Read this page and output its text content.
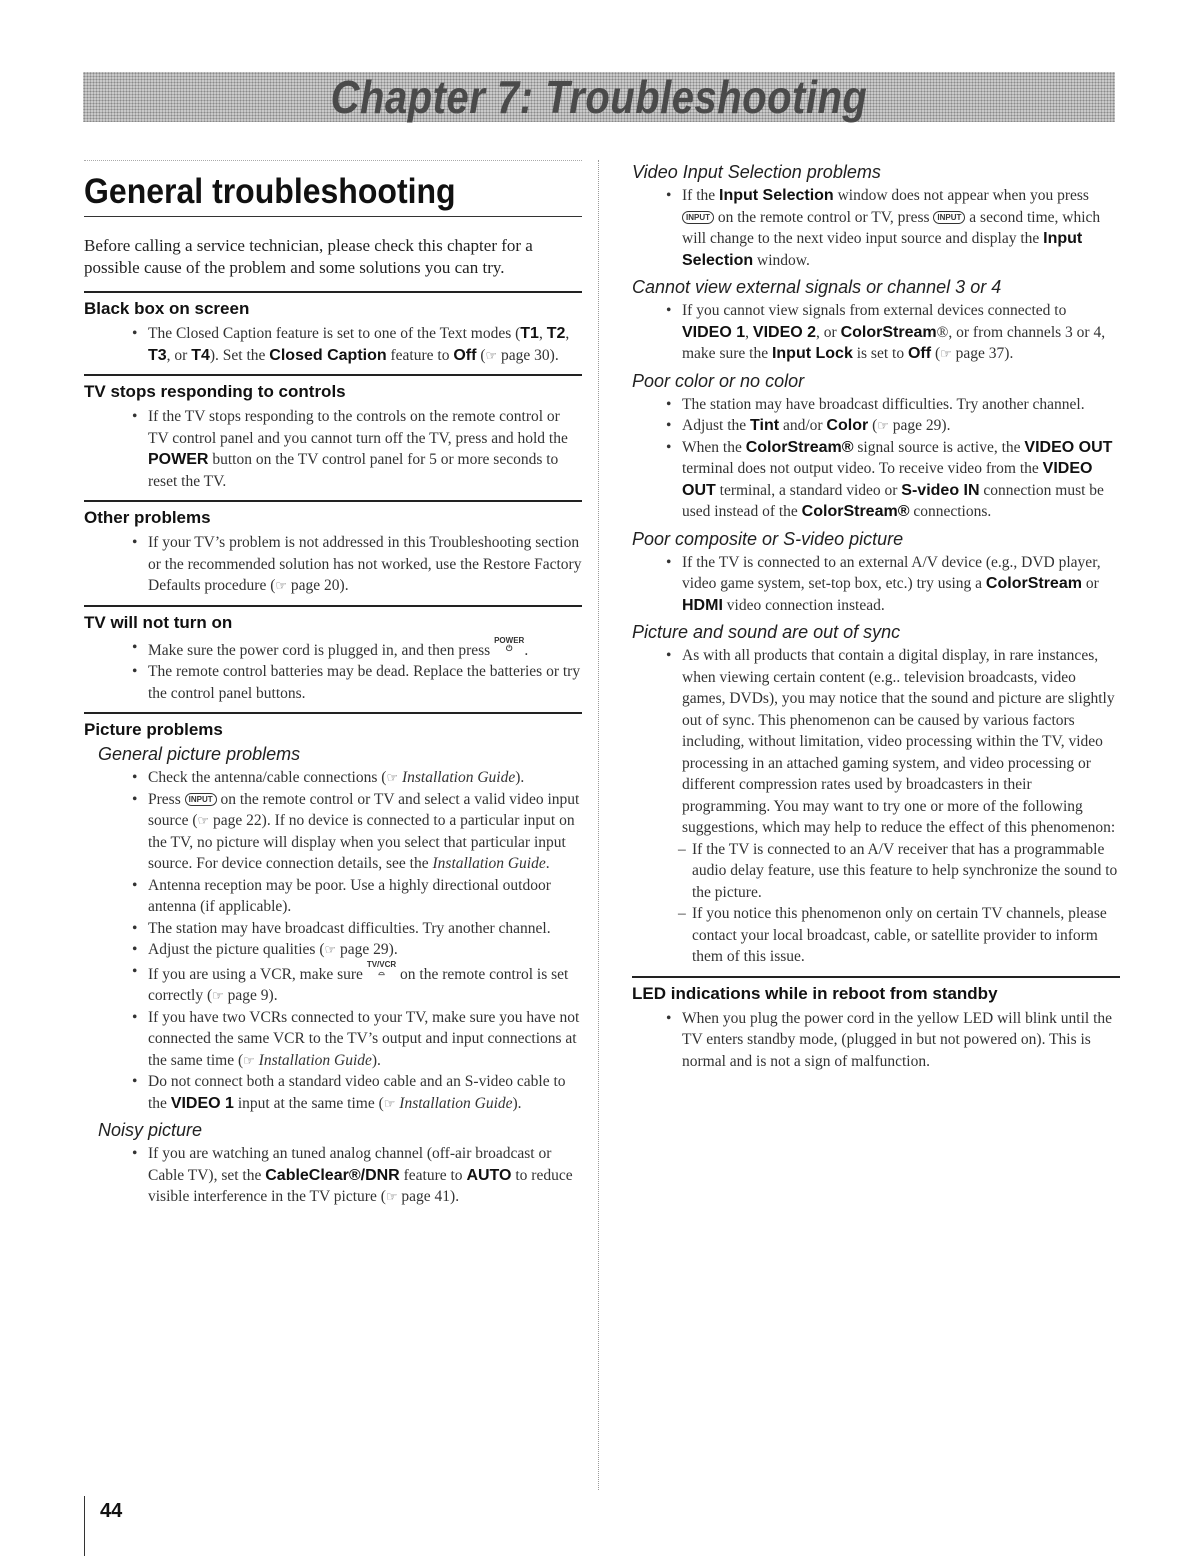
Chapter 7: Troubleshooting
General troubleshooting

Before calling a service technician, please check this chapter for a possible cause of the problem and some solutions you can try.

Black box on screen
• The Closed Caption feature is set to one of the Text modes (T1, T2, T3, or T4). Set the Closed Caption feature to Off (☞ page 30).
TV stops responding to controls
• If the TV stops responding to the controls on the remote control or TV control panel and you cannot turn off the TV, press and hold the POWER button on the TV control panel for 5 or more seconds to reset the TV.
Other problems
• If your TV’s problem is not addressed in this Troubleshooting section or the recommended solution has not worked, use the Restore Factory Defaults procedure (☞ page 20).
TV will not turn on
• Make sure the power cord is plugged in, and then press POWER
⏻ .
• The remote control batteries may be dead. Replace the batteries or try the control panel buttons.
Picture problems
General picture problems
• Check the antenna/cable connections (☞ Installation Guide).
• Press INPUT on the remote control or TV and select a valid video input source (☞ page 22). If no device is connected to a particular input on the TV, no picture will display when you select that particular input source. For device connection details, see the Installation Guide.
• Antenna reception may be poor. Use a highly directional outdoor antenna (if applicable).
• The station may have broadcast difficulties. Try another channel.
• Adjust the picture qualities (☞ page 29).
• If you are using a VCR, make sure TV/VCR
⌓ on the remote control is set correctly (☞ page 9).
• If you have two VCRs connected to your TV, make sure you have not connected the same VCR to the TV’s output and input connections at the same time (☞ Installation Guide).
• Do not connect both a standard video cable and an S-video cable to the VIDEO 1 input at the same time (☞ Installation Guide).
Noisy picture
• If you are watching an tuned analog channel (off-air broadcast or Cable TV), set the CableClear®/DNR feature to AUTO to reduce visible interference in the TV picture (☞ page 41).
Video Input Selection problems
• If the Input Selection window does not appear when you press INPUT on the remote control or TV, press INPUT a second time, which will change to the next video input source and display the Input Selection window.
Cannot view external signals or channel 3 or 4
• If you cannot view signals from external devices connected to VIDEO 1, VIDEO 2, or ColorStream®, or from channels 3 or 4, make sure the Input Lock is set to Off (☞ page 37).
Poor color or no color
• The station may have broadcast difficulties. Try another channel.
• Adjust the Tint and/or Color (☞ page 29).
• When the ColorStream® signal source is active, the VIDEO OUT terminal does not output video. To receive video from the VIDEO OUT terminal, a standard video or S-video IN connection must be used instead of the ColorStream® connections.
Poor composite or S-video picture
• If the TV is connected to an external A/V device (e.g., DVD player, video game system, set-top box, etc.) try using a ColorStream or HDMI video connection instead.
Picture and sound are out of sync
• As with all products that contain a digital display, in rare instances, when viewing certain content (e.g.. television broadcasts, video games, DVDs), you may notice that the sound and picture are slightly out of sync. This phenomenon can be caused by various factors including, without limitation, video processing within the TV, video processing in an attached gaming system, and video processing or different compression rates used by broadcasters in their programming. You may want to try one or more of the following suggestions, which may help to reduce the effect of this phenomenon:
– If the TV is connected to an A/V receiver that has a programmable audio delay feature, use this feature to help synchronize the sound to the picture.
– If you notice this phenomenon only on certain TV channels, please contact your local broadcast, cable, or satellite provider to inform them of this issue.
LED indications while in reboot from standby
• When you plug the power cord in the yellow LED will blink until the TV enters standby mode, (plugged in but not powered on). This is normal and is not a sign of malfunction.
44
